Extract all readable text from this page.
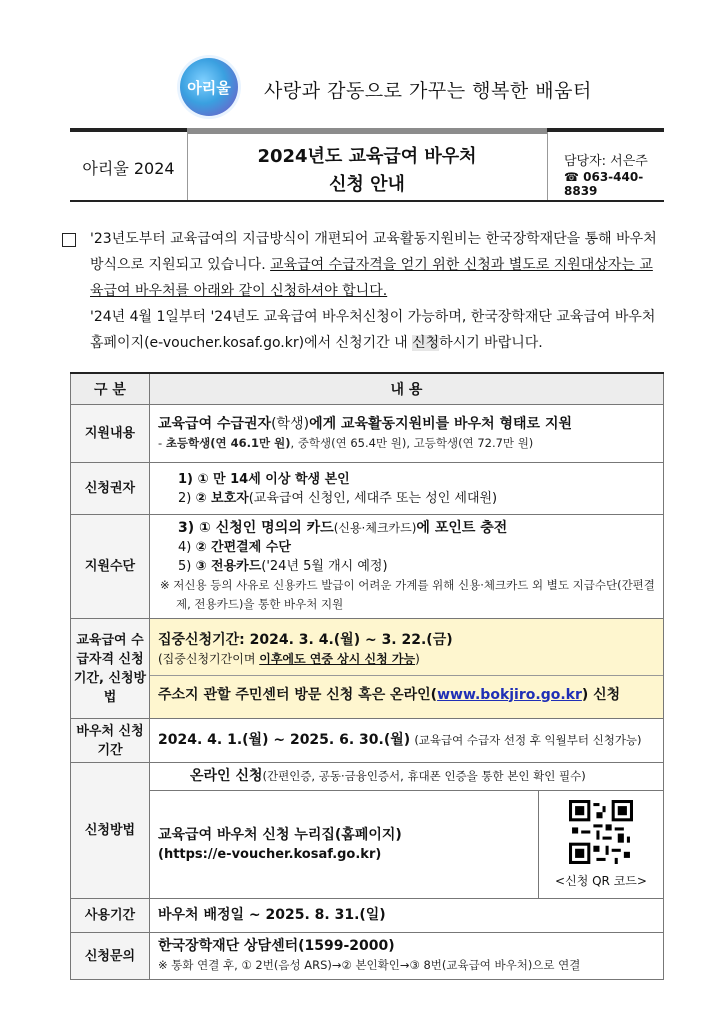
아리울	사랑과 감동으로 가꾸는 행복한 배움터
아리울 2024
2024년도 교육급여 바우처
신청 안내
담당자: 서은주
☎ 063-440-8839
'23년도부터 교육급여의 지급방식이 개편되어 교육활동지원비는 한국장학재단을 통해 바우처 방식으로 지원되고 있습니다. 교육급여 수급자격을 얻기 위한 신청과 별도로 지원대상자는 교육급여 바우처를 아래와 같이 신청하셔야 합니다.
'24년 4월 1일부터 '24년도 교육급여 바우처신청이 가능하며, 한국장학재단 교육급여 바우처 홈페이지(e-voucher.kosaf.go.kr)에서 신청기간 내 신청하시기 바랍니다.
구 분	내 용	
지원내용	교육급여 수급권자(학생)에게 교육활동지원비를 바우처 형태로 지원
- 초등학생(연 46.1만 원), 중학생(연 65.4만 원), 고등학생(연 72.7만 원)	

신청권자	1) ① 만 14세 이상 학생 본인
2) ② 보호자(교육급여 신청인, 세대주 또는 성인 세대원)	

지원수단	3) ① 신청인 명의의 카드(신용·체크카드)에 포인트 충전
4) ② 간편결제 수단
5) ③ 전용카드('24년 5월 개시 예정)
※ 저신용 등의 사유로 신용카드 발급이 어려운 가계를 위해 신용·체크카드 외 별도 지급수단(간편결제, 전용카드)을 통한 바우처 지원	

교육급여 수급자격 신청기간, 신청방법	집중신청기간: 2024. 3. 4.(월) ~ 3. 22.(금)
(집중신청기간이며 이후에도 연중 상시 신청 가능)
주소지 관할 주민센터 방문 신청 혹은 온라인(www.bokjiro.go.kr) 신청	

바우처 신청기간	2024. 4. 1.(월) ~ 2025. 6. 30.(월) (교육급여 수급자 선정 후 익월부터 신청가능)	
신청방법	온라인 신청(간편인증, 공동·금융인증서, 휴대폰 인증을 통한 본인 확인 필수)	

	교육급여 바우처 신청 누리집(홈페이지)
(https://e-voucher.kosaf.go.kr)	<신청 QR 코드>

사용기간	바우처 배정일 ~ 2025. 8. 31.(일)	
신청문의	한국장학재단 상담센터(1599-2000)
※ 통화 연결 후, ① 2번(음성 ARS)→② 본인확인→③ 8번(교육급여 바우처)으로 연결	
